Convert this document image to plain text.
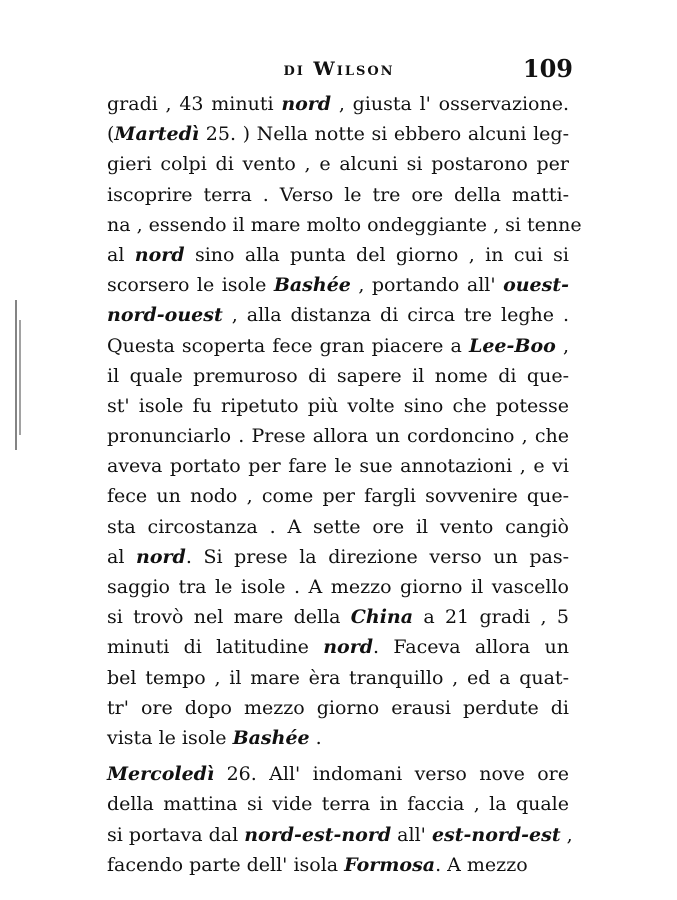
di Wilson	109
gradi , 43 minuti nord , giusta l' osservazione.
(Martedì 25. ) Nella notte si ebbero alcuni leg-
gieri colpi di vento , e alcuni si postarono per
iscoprire terra . Verso le tre ore della matti-
na , essendo il mare molto ondeggiante , si tenne
al nord sino alla punta del giorno , in cui si
scorsero le isole Bashée , portando all' ouest-
nord-ouest , alla distanza di circa tre leghe .
Questa scoperta fece gran piacere a Lee-Boo ,
il quale premuroso di sapere il nome di que-
st' isole fu ripetuto più volte sino che potesse
pronunciarlo . Prese allora un cordoncino , che
aveva portato per fare le sue annotazioni , e vi
fece un nodo , come per fargli sovvenire que-
sta circostanza . A sette ore il vento cangiò
al nord. Si prese la direzione verso un pas-
saggio tra le isole . A mezzo giorno il vascello
si trovò nel mare della China a 21 gradi , 5
minuti di latitudine nord. Faceva allora un
bel tempo , il mare èra tranquillo , ed a quat-
tr' ore dopo mezzo giorno erausi perdute di
vista le isole Bashée .
Mercoledì 26. All' indomani verso nove ore
della mattina si vide terra in faccia , la quale
si portava dal nord-est-nord all' est-nord-est ,
facendo parte dell' isola Formosa. A mezzo
